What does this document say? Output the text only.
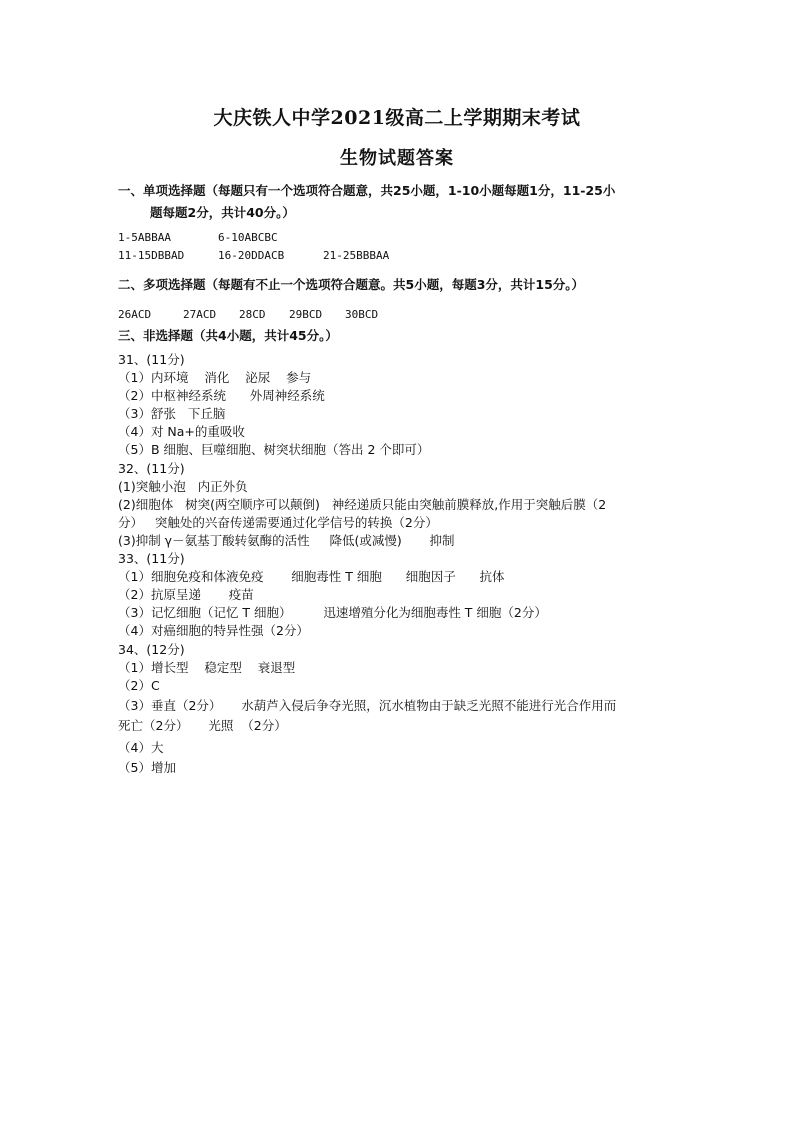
大庆铁人中学2021级高二上学期期末考试
生物试题答案
一、单项选择题（每题只有一个选项符合题意，共25小题，1-10小题每题1分，11-25小
题每题2分，共计40分。）
1-5ABBAA	6-10ABCBC
11-15DBBAD	16-20DDACB	21-25BBBAA
二、多项选择题（每题有不止一个选项符合题意。共5小题，每题3分，共计15分。）
26ACD	27ACD 28CD 29BCD 30BCD
三、非选择题（共4小题，共计45分。）
31、(11分)
（1）内环境    消化    泌尿    参与
（2）中枢神经系统      外周神经系统
（3）舒张   下丘脑
（4）对 Na+的重吸收
（5）B 细胞、巨噬细胞、树突状细胞（答出 2 个即可）
32、(11分)
(1)突触小泡   内正外负
(2)细胞体   树突(两空顺序可以颠倒)   神经递质只能由突触前膜释放,作用于突触后膜（2
分）   突触处的兴奋传递需要通过化学信号的转换（2分）
(3)抑制 γ－氨基丁酸转氨酶的活性     降低(或减慢)       抑制
33、(11分)
（1）细胞免疫和体液免疫       细胞毒性 T 细胞      细胞因子      抗体
（2）抗原呈递       疫苗
（3）记忆细胞（记忆 T 细胞）        迅速增殖分化为细胞毒性 T 细胞（2分）
（4）对癌细胞的特异性强（2分）
34、(12分)
（1）增长型    稳定型    衰退型
（2）C
（3）垂直（2分）     水葫芦入侵后争夺光照，沉水植物由于缺乏光照不能进行光合作用而
死亡（2分）     光照  （2分）
（4）大
（5）增加
